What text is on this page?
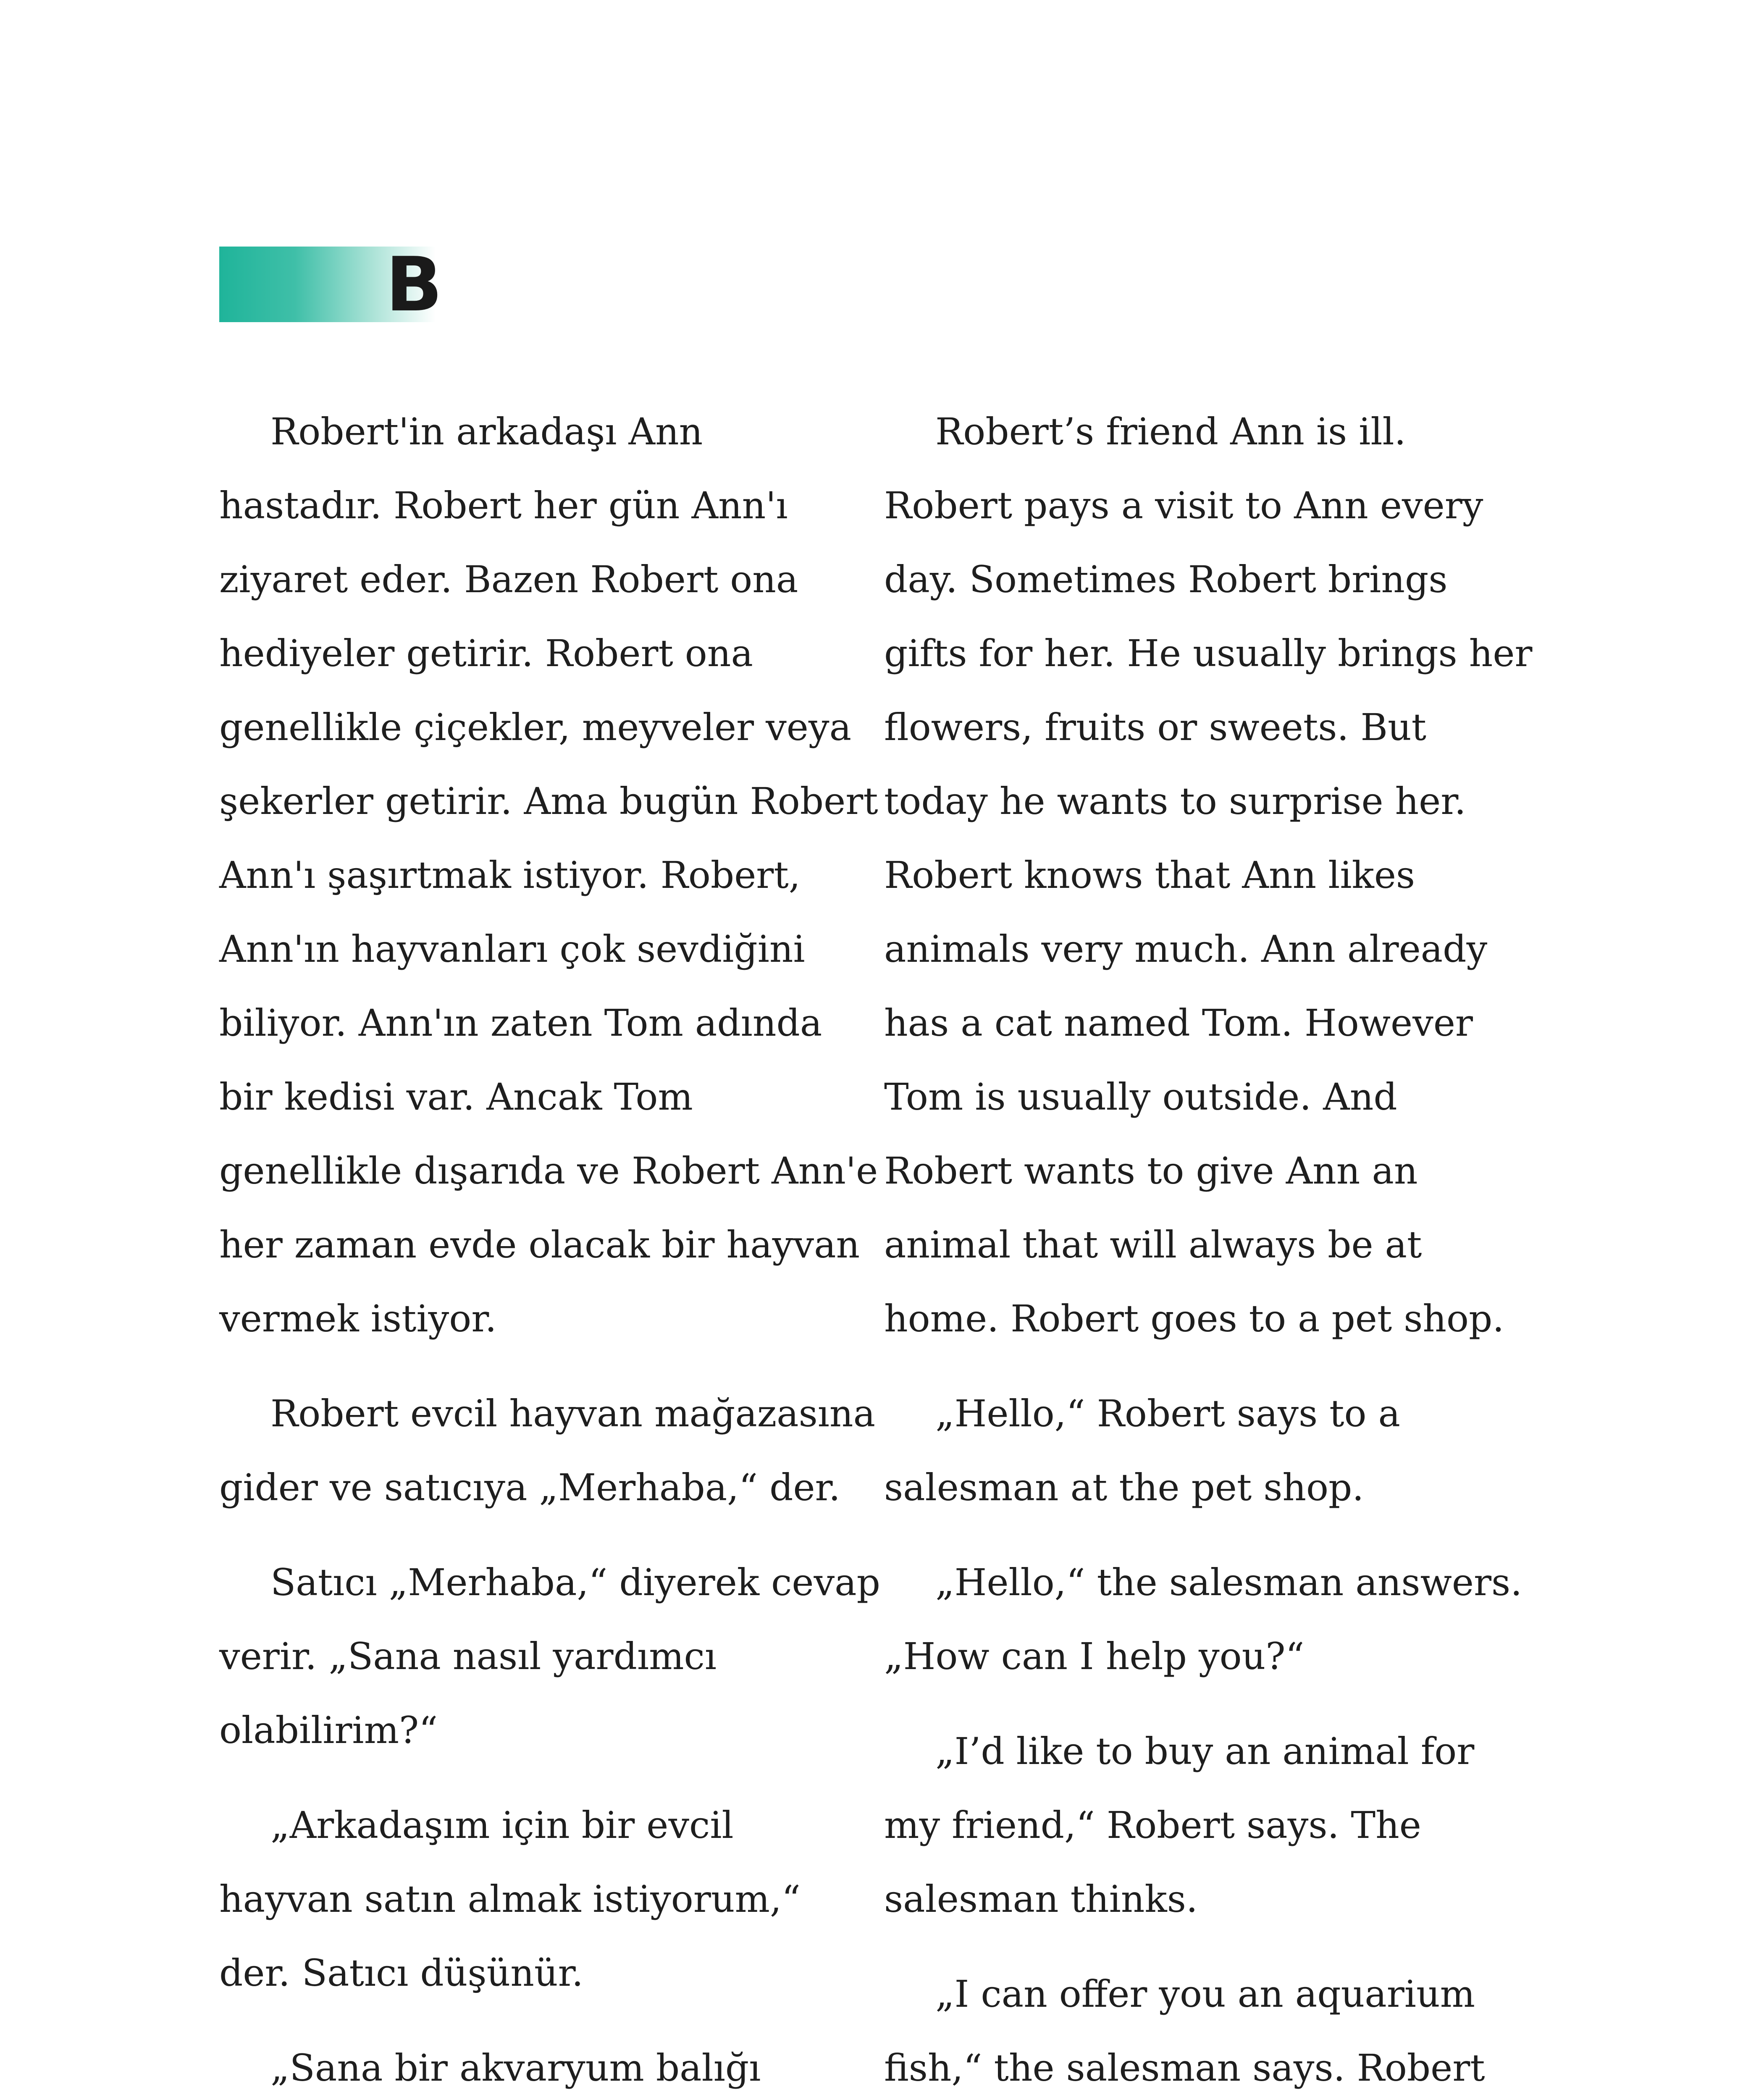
B

Robert'in arkadaşı Ann
hastadır. Robert her gün Ann'ı
ziyaret eder. Bazen Robert ona
hediyeler getirir. Robert ona
genellikle çiçekler, meyveler veya
şekerler getirir. Ama bugün Robert
Ann'ı şaşırtmak istiyor. Robert,
Ann'ın hayvanları çok sevdiğini
biliyor. Ann'ın zaten Tom adında
bir kedisi var. Ancak Tom
genellikle dışarıda ve Robert Ann'e
her zaman evde olacak bir hayvan
vermek istiyor.

Robert evcil hayvan mağazasına
gider ve satıcıya „Merhaba,“ der.

Satıcı „Merhaba,“ diyerek cevap
verir. „Sana nasıl yardımcı
olabilirim?“

„Arkadaşım için bir evcil
hayvan satın almak istiyorum,“
der. Satıcı düşünür.

„Sana bir akvaryum balığı

Robert’s friend Ann is ill.
Robert pays a visit to Ann every
day. Sometimes Robert brings
gifts for her. He usually brings her
flowers, fruits or sweets. But
today he wants to surprise her.
Robert knows that Ann likes
animals very much. Ann already
has a cat named Tom. However
Tom is usually outside. And
Robert wants to give Ann an
animal that will always be at
home. Robert goes to a pet shop.

„Hello,“ Robert says to a
salesman at the pet shop.

„Hello,“ the salesman answers.
„How can I help you?“

„I’d like to buy an animal for
my friend,“ Robert says. The
salesman thinks.

„I can offer you an aquarium
fish,“ the salesman says. Robert
